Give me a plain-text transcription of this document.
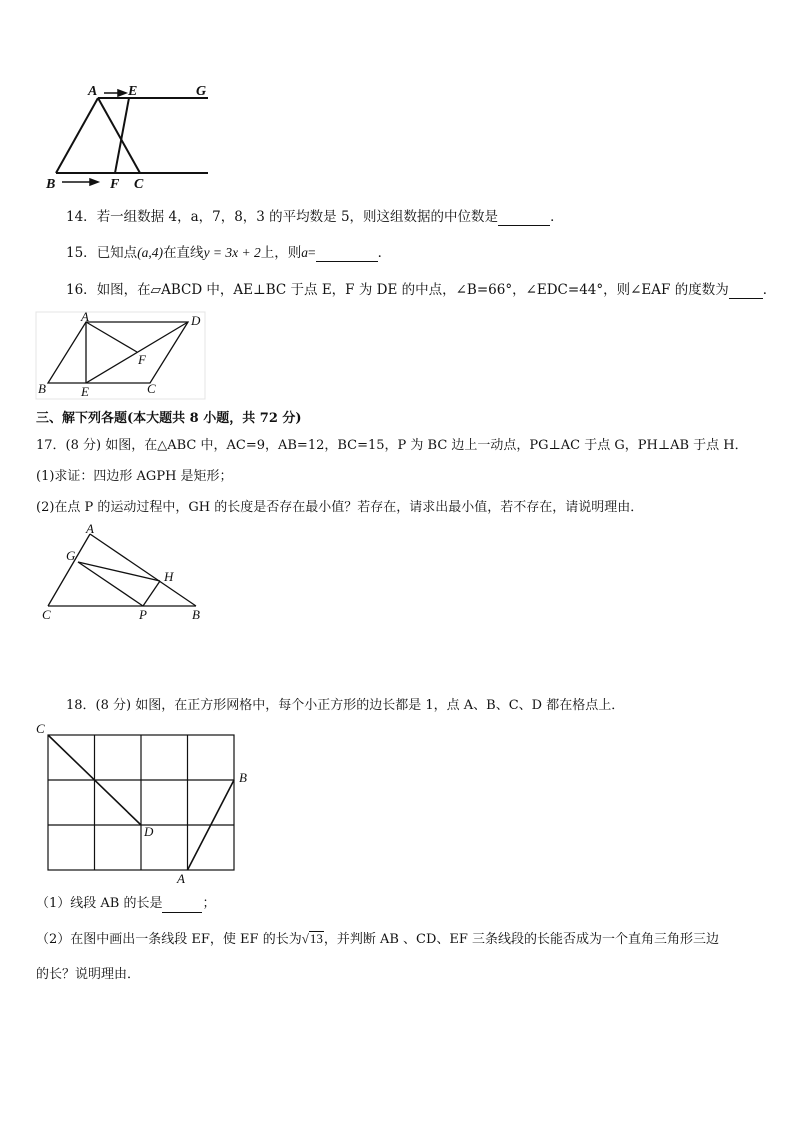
A E	G
B	F C
14．若一组数据 4，a，7，8，3 的平均数是 5，则这组数据的中位数是	．
15．已知点(a,4)在直线y = 3x + 2上，则a=	．
16．如图，在▱ABCD 中，AE⊥BC 于点 E，F 为 DE 的中点，∠B=66°，∠EDC=44°，则∠EAF 的度数为	．
A	D
F
B	E	C
三、解下列各题(本大题共 8 小题，共 72 分)
17．(8 分) 如图，在△ABC 中，AC=9，AB=12，BC=15，P 为 BC 边上一动点，PG⊥AC 于点 G，PH⊥AB 于点 H．
(1)求证：四边形 AGPH 是矩形；
(2)在点 P 的运动过程中，GH 的长度是否存在最小值？若存在，请求出最小值，若不存在，请说明理由．
A
G
H
C	P	B
18．(8 分) 如图，在正方形网格中，每个小正方形的边长都是 1，点 A、B、C、D 都在格点上．
C
B
D
A
（1）线段 AB 的长是	；
（2）在图中画出一条线段 EF，使 EF 的长为√13，并判断 AB 、CD、EF 三条线段的长能否成为一个直角三角形三边
的长？说明理由．
